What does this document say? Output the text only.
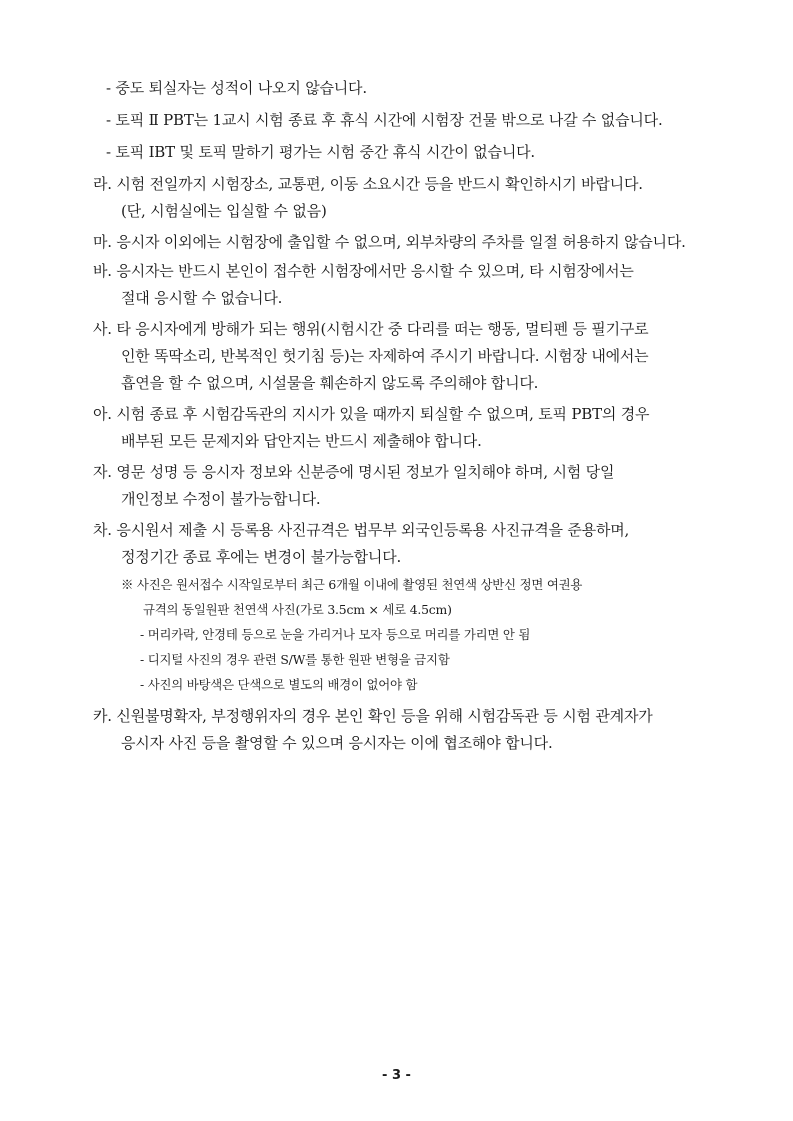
- 중도 퇴실자는 성적이 나오지 않습니다.
- 토픽 Ⅱ PBT는 1교시 시험 종료 후 휴식 시간에 시험장 건물 밖으로 나갈 수 없습니다.
- 토픽 IBT 및 토픽 말하기 평가는 시험 중간 휴식 시간이 없습니다.
라. 시험 전일까지 시험장소, 교통편, 이동 소요시간 등을 반드시 확인하시기 바랍니다.
(단, 시험실에는 입실할 수 없음)
마. 응시자 이외에는 시험장에 출입할 수 없으며, 외부차량의 주차를 일절 허용하지 않습니다.
바. 응시자는 반드시 본인이 접수한 시험장에서만 응시할 수 있으며, 타 시험장에서는
절대 응시할 수 없습니다.
사. 타 응시자에게 방해가 되는 행위(시험시간 중 다리를 떠는 행동, 멀티펜 등 필기구로
인한 똑딱소리, 반복적인 헛기침 등)는 자제하여 주시기 바랍니다. 시험장 내에서는
흡연을 할 수 없으며, 시설물을 훼손하지 않도록 주의해야 합니다.
아. 시험 종료 후 시험감독관의 지시가 있을 때까지 퇴실할 수 없으며, 토픽 PBT의 경우
배부된 모든 문제지와 답안지는 반드시 제출해야 합니다.
자. 영문 성명 등 응시자 정보와 신분증에 명시된 정보가 일치해야 하며, 시험 당일
개인정보 수정이 불가능합니다.
차. 응시원서 제출 시 등록용 사진규격은 법무부 외국인등록용 사진규격을 준용하며,
정정기간 종료 후에는 변경이 불가능합니다.
※ 사진은 원서접수 시작일로부터 최근 6개월 이내에 촬영된 천연색 상반신 정면 여권용
규격의 동일원판 천연색 사진(가로 3.5cm × 세로 4.5cm)
- 머리카락, 안경테 등으로 눈을 가리거나 모자 등으로 머리를 가리면 안 됨
- 디지털 사진의 경우 관련 S/W를 통한 원판 변형을 금지함
- 사진의 바탕색은 단색으로 별도의 배경이 없어야 함
카. 신원불명확자, 부정행위자의 경우 본인 확인 등을 위해 시험감독관 등 시험 관계자가
응시자 사진 등을 촬영할 수 있으며 응시자는 이에 협조해야 합니다.
- 3 -
